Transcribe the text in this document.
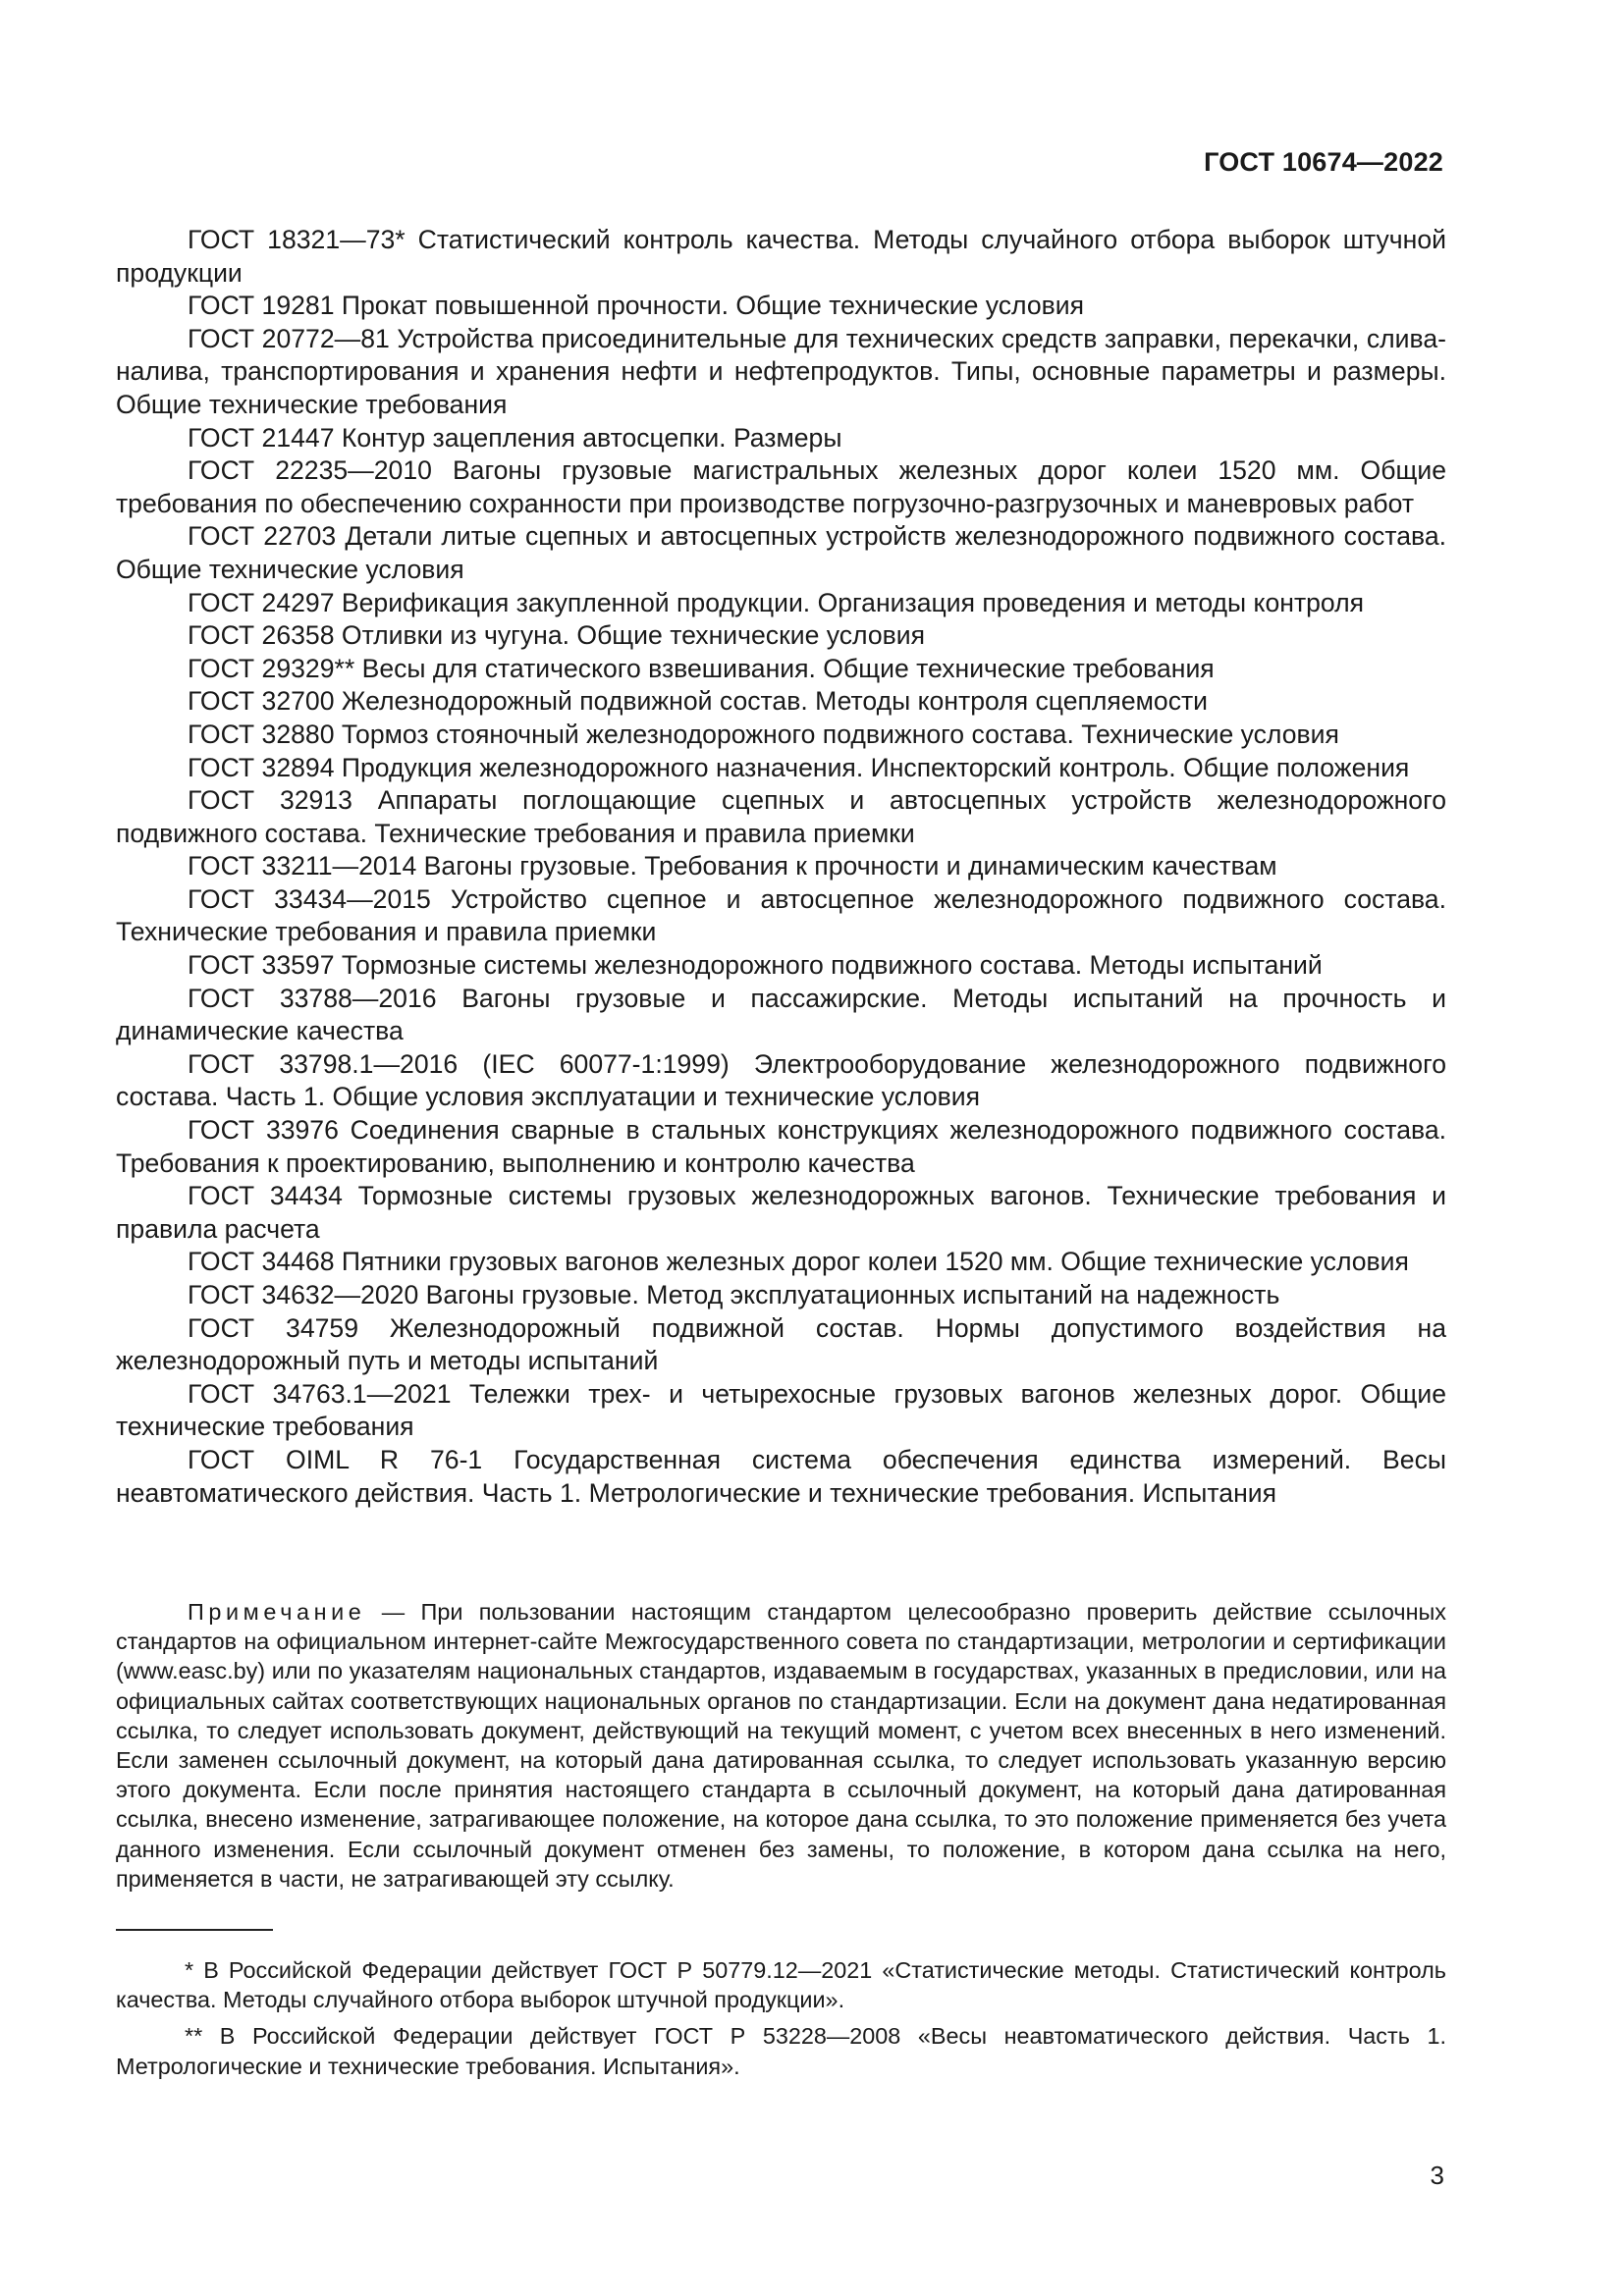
ГОСТ 10674—2022

ГОСТ 18321—73* Статистический контроль качества. Методы случайного отбора выборок штучной продукции

ГОСТ 19281 Прокат повышенной прочности. Общие технические условия

ГОСТ 20772—81 Устройства присоединительные для технических средств заправки, перекачки, слива-налива, транспортирования и хранения нефти и нефтепродуктов. Типы, основные параметры и размеры. Общие технические требования

ГОСТ 21447 Контур зацепления автосцепки. Размеры

ГОСТ 22235—2010 Вагоны грузовые магистральных железных дорог колеи 1520 мм. Общие требования по обеспечению сохранности при производстве погрузочно-разгрузочных и маневровых работ

ГОСТ 22703 Детали литые сцепных и автосцепных устройств железнодорожного подвижного состава. Общие технические условия

ГОСТ 24297 Верификация закупленной продукции. Организация проведения и методы контроля

ГОСТ 26358 Отливки из чугуна. Общие технические условия

ГОСТ 29329** Весы для статического взвешивания. Общие технические требования

ГОСТ 32700 Железнодорожный подвижной состав. Методы контроля сцепляемости

ГОСТ 32880 Тормоз стояночный железнодорожного подвижного состава. Технические условия

ГОСТ 32894 Продукция железнодорожного назначения. Инспекторский контроль. Общие положения

ГОСТ 32913 Аппараты поглощающие сцепных и автосцепных устройств железнодорожного подвижного состава. Технические требования и правила приемки

ГОСТ 33211—2014 Вагоны грузовые. Требования к прочности и динамическим качествам

ГОСТ 33434—2015 Устройство сцепное и автосцепное железнодорожного подвижного состава. Технические требования и правила приемки

ГОСТ 33597 Тормозные системы железнодорожного подвижного состава. Методы испытаний

ГОСТ 33788—2016 Вагоны грузовые и пассажирские. Методы испытаний на прочность и динамические качества

ГОСТ 33798.1—2016 (IEC 60077-1:1999) Электрооборудование железнодорожного подвижного состава. Часть 1. Общие условия эксплуатации и технические условия

ГОСТ 33976 Соединения сварные в стальных конструкциях железнодорожного подвижного состава. Требования к проектированию, выполнению и контролю качества

ГОСТ 34434 Тормозные системы грузовых железнодорожных вагонов. Технические требования и правила расчета

ГОСТ 34468 Пятники грузовых вагонов железных дорог колеи 1520 мм. Общие технические условия

ГОСТ 34632—2020 Вагоны грузовые. Метод эксплуатационных испытаний на надежность

ГОСТ 34759 Железнодорожный подвижной состав. Нормы допустимого воздействия на железнодорожный путь и методы испытаний

ГОСТ 34763.1—2021 Тележки трех- и четырехосные грузовых вагонов железных дорог. Общие технические требования

ГОСТ OIML R 76-1 Государственная система обеспечения единства измерений. Весы неавтоматического действия. Часть 1. Метрологические и технические требования. Испытания

Примечание — При пользовании настоящим стандартом целесообразно проверить действие ссылочных стандартов на официальном интернет-сайте Межгосударственного совета по стандартизации, метрологии и сертификации (www.easc.by) или по указателям национальных стандартов, издаваемым в государствах, указанных в предисловии, или на официальных сайтах соответствующих национальных органов по стандартизации. Если на документ дана недатированная ссылка, то следует использовать документ, действующий на текущий момент, с учетом всех внесенных в него изменений. Если заменен ссылочный документ, на который дана датированная ссылка, то следует использовать указанную версию этого документа. Если после принятия настоящего стандарта в ссылочный документ, на который дана датированная ссылка, внесено изменение, затрагивающее положение, на которое дана ссылка, то это положение применяется без учета данного изменения. Если ссылочный документ отменен без замены, то положение, в котором дана ссылка на него, применяется в части, не затрагивающей эту ссылку.

* В Российской Федерации действует ГОСТ Р 50779.12—2021 «Статистические методы. Статистический контроль качества. Методы случайного отбора выборок штучной продукции».

** В Российской Федерации действует ГОСТ Р 53228—2008 «Весы неавтоматического действия. Часть 1. Метрологические и технические требования. Испытания».

3
